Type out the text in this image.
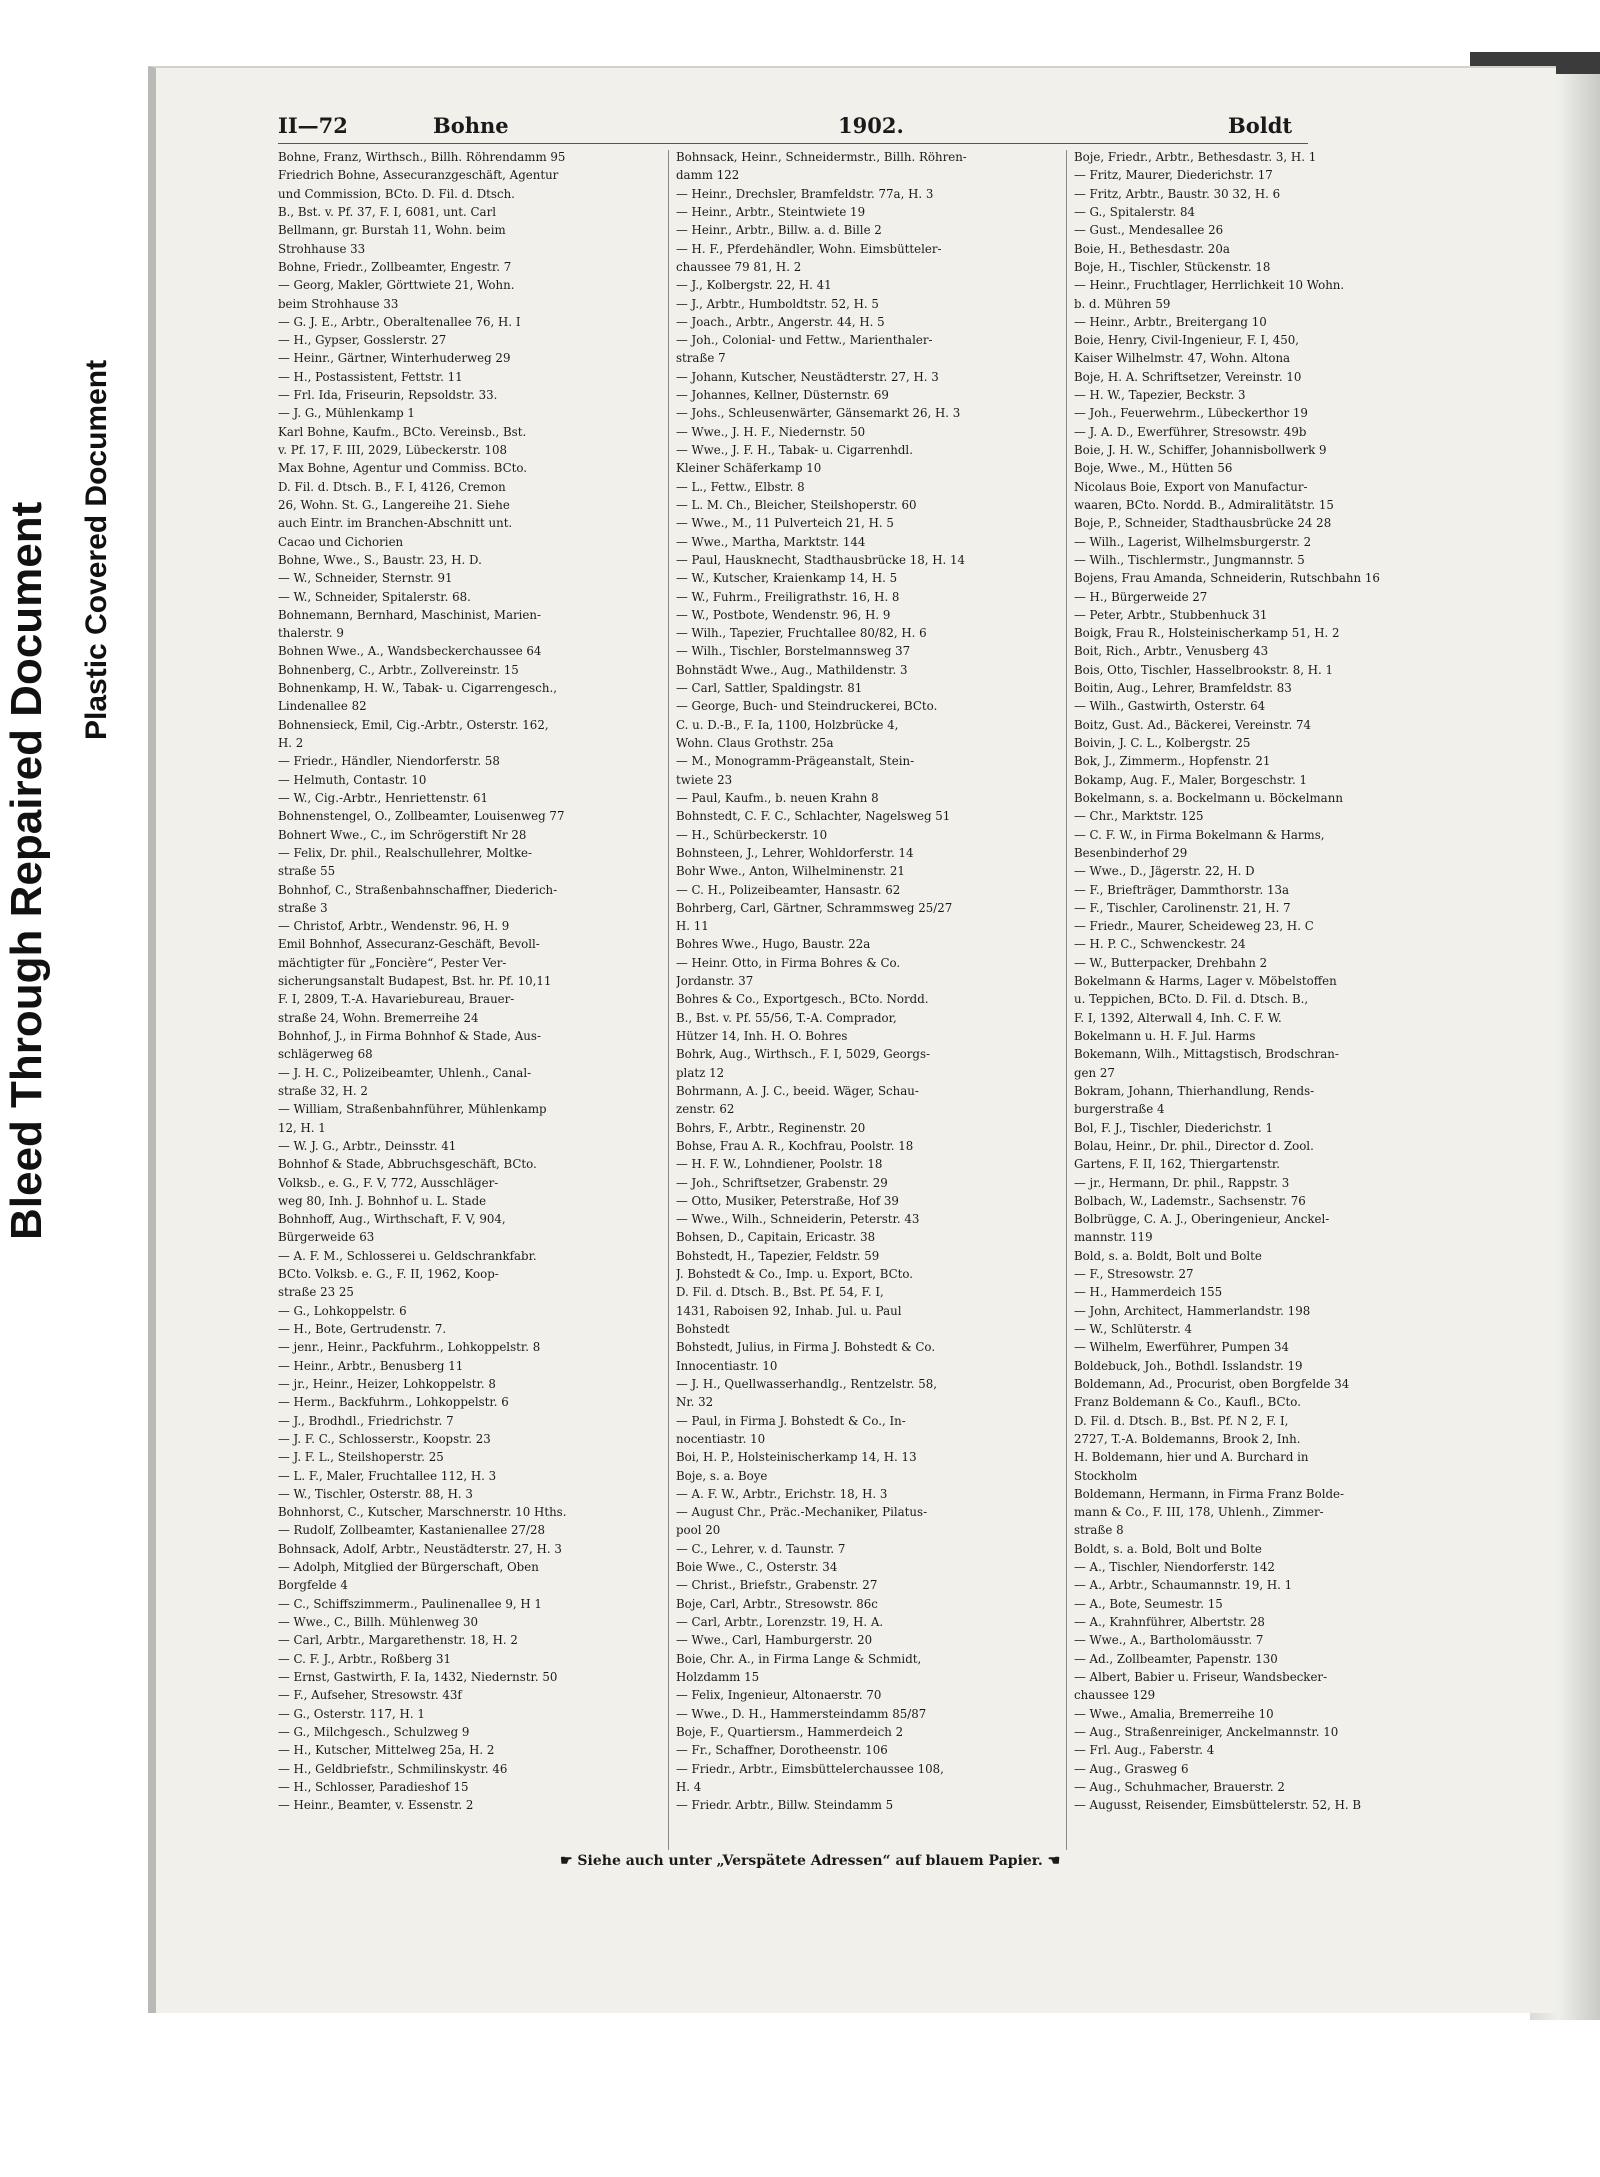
Bleed Through Repaired Document Plastic Covered Document
II—72	Bohne	1902.	Boldt
Bohne, Franz, Wirthsch., Billh. Röhrendamm 95
Friedrich Bohne, Assecuranzgeschäft, Agentur
und Commission, BCto. D. Fil. d. Dtsch.
B., Bst. v. Pf. 37, F. I, 6081, unt. Carl
Bellmann, gr. Burstah 11, Wohn. beim
Strohhause 33
Bohne, Friedr., Zollbeamter, Engestr. 7
— Georg, Makler, Görttwiete 21, Wohn.
beim Strohhause 33
— G. J. E., Arbtr., Oberaltenallee 76, H. I
— H., Gypser, Gosslerstr. 27
— Heinr., Gärtner, Winterhuderweg 29
— H., Postassistent, Fettstr. 11
— Frl. Ida, Friseurin, Repsoldstr. 33.
— J. G., Mühlenkamp 1
Karl Bohne, Kaufm., BCto. Vereinsb., Bst.
v. Pf. 17, F. III, 2029, Lübeckerstr. 108
Max Bohne, Agentur und Commiss. BCto.
D. Fil. d. Dtsch. B., F. I, 4126, Cremon
26, Wohn. St. G., Langereihe 21. Siehe
auch Eintr. im Branchen-Abschnitt unt.
Cacao und Cichorien
Bohne, Wwe., S., Baustr. 23, H. D.
— W., Schneider, Sternstr. 91
— W., Schneider, Spitalerstr. 68.
Bohnemann, Bernhard, Maschinist, Marien-
thalerstr. 9
Bohnen Wwe., A., Wandsbeckerchaussee 64
Bohnenberg, C., Arbtr., Zollvereinstr. 15
Bohnenkamp, H. W., Tabak- u. Cigarrengesch.,
Lindenallee 82
Bohnensieck, Emil, Cig.-Arbtr., Osterstr. 162,
H. 2
— Friedr., Händler, Niendorferstr. 58
— Helmuth, Contastr. 10
— W., Cig.-Arbtr., Henriettenstr. 61
Bohnenstengel, O., Zollbeamter, Louisenweg 77
Bohnert Wwe., C., im Schrögerstift Nr 28
— Felix, Dr. phil., Realschullehrer, Moltke-
straße 55
Bohnhof, C., Straßenbahnschaffner, Diederich-
straße 3
— Christof, Arbtr., Wendenstr. 96, H. 9
Emil Bohnhof, Assecuranz-Geschäft, Bevoll-
mächtigter für „Foncière“, Pester Ver-
sicherungsanstalt Budapest, Bst. hr. Pf. 10,11
F. I, 2809, T.-A. Havariebureau, Brauer-
straße 24, Wohn. Bremerreihe 24
Bohnhof, J., in Firma Bohnhof & Stade, Aus-
schlägerweg 68
— J. H. C., Polizeibeamter, Uhlenh., Canal-
straße 32, H. 2
— William, Straßenbahnführer, Mühlenkamp
12, H. 1
— W. J. G., Arbtr., Deinsstr. 41
Bohnhof & Stade, Abbruchsgeschäft, BCto.
Volksb., e. G., F. V, 772, Ausschläger-
weg 80, Inh. J. Bohnhof u. L. Stade
Bohnhoff, Aug., Wirthschaft, F. V, 904,
Bürgerweide 63
— A. F. M., Schlosserei u. Geldschrankfabr.
BCto. Volksb. e. G., F. II, 1962, Koop-
straße 23 25
— G., Lohkoppelstr. 6
— H., Bote, Gertrudenstr. 7.
— jenr., Heinr., Packfuhrm., Lohkoppelstr. 8
— Heinr., Arbtr., Benusberg 11
— jr., Heinr., Heizer, Lohkoppelstr. 8
— Herm., Backfuhrm., Lohkoppelstr. 6
— J., Brodhdl., Friedrichstr. 7
— J. F. C., Schlosserstr., Koopstr. 23
— J. F. L., Steilshoperstr. 25
— L. F., Maler, Fruchtallee 112, H. 3
— W., Tischler, Osterstr. 88, H. 3
Bohnhorst, C., Kutscher, Marschnerstr. 10 Hths.
— Rudolf, Zollbeamter, Kastanienallee 27/28
Bohnsack, Adolf, Arbtr., Neustädterstr. 27, H. 3
— Adolph, Mitglied der Bürgerschaft, Oben
Borgfelde 4
— C., Schiffszimmerm., Paulinenallee 9, H 1
— Wwe., C., Billh. Mühlenweg 30
— Carl, Arbtr., Margarethenstr. 18, H. 2
— C. F. J., Arbtr., Roßberg 31
— Ernst, Gastwirth, F. Ia, 1432, Niedernstr. 50
— F., Aufseher, Stresowstr. 43f
— G., Osterstr. 117, H. 1
— G., Milchgesch., Schulzweg 9
— H., Kutscher, Mittelweg 25a, H. 2
— H., Geldbriefstr., Schmilinskystr. 46
— H., Schlosser, Paradieshof 15
— Heinr., Beamter, v. Essenstr. 2
Bohnsack, Heinr., Schneidermstr., Billh. Röhren-
damm 122
— Heinr., Drechsler, Bramfeldstr. 77a, H. 3
— Heinr., Arbtr., Steintwiete 19
— Heinr., Arbtr., Billw. a. d. Bille 2
— H. F., Pferdehändler, Wohn. Eimsbütteler-
chaussee 79 81, H. 2
— J., Kolbergstr. 22, H. 41
— J., Arbtr., Humboldtstr. 52, H. 5
— Joach., Arbtr., Angerstr. 44, H. 5
— Joh., Colonial- und Fettw., Marienthaler-
straße 7
— Johann, Kutscher, Neustädterstr. 27, H. 3
— Johannes, Kellner, Düsternstr. 69
— Johs., Schleusenwärter, Gänsemarkt 26, H. 3
— Wwe., J. H. F., Niedernstr. 50
— Wwe., J. F. H., Tabak- u. Cigarrenhdl.
Kleiner Schäferkamp 10
— L., Fettw., Elbstr. 8
— L. M. Ch., Bleicher, Steilshoperstr. 60
— Wwe., M., 11 Pulverteich 21, H. 5
— Wwe., Martha, Marktstr. 144
— Paul, Hausknecht, Stadthausbrücke 18, H. 14
— W., Kutscher, Kraienkamp 14, H. 5
— W., Fuhrm., Freiligrathstr. 16, H. 8
— W., Postbote, Wendenstr. 96, H. 9
— Wilh., Tapezier, Fruchtallee 80/82, H. 6
— Wilh., Tischler, Borstelmannsweg 37
Bohnstädt Wwe., Aug., Mathildenstr. 3
— Carl, Sattler, Spaldingstr. 81
— George, Buch- und Steindruckerei, BCto.
C. u. D.-B., F. Ia, 1100, Holzbrücke 4,
Wohn. Claus Grothstr. 25a
— M., Monogramm-Prägeanstalt, Stein-
twiete 23
— Paul, Kaufm., b. neuen Krahn 8
Bohnstedt, C. F. C., Schlachter, Nagelsweg 51
— H., Schürbeckerstr. 10
Bohnsteen, J., Lehrer, Wohldorferstr. 14
Bohr Wwe., Anton, Wilhelminenstr. 21
— C. H., Polizeibeamter, Hansastr. 62
Bohrberg, Carl, Gärtner, Schrammsweg 25/27
H. 11
Bohres Wwe., Hugo, Baustr. 22a
— Heinr. Otto, in Firma Bohres & Co.
Jordanstr. 37
Bohres & Co., Exportgesch., BCto. Nordd.
B., Bst. v. Pf. 55/56, T.-A. Comprador,
Hützer 14, Inh. H. O. Bohres
Bohrk, Aug., Wirthsch., F. I, 5029, Georgs-
platz 12
Bohrmann, A. J. C., beeid. Wäger, Schau-
zenstr. 62
Bohrs, F., Arbtr., Reginenstr. 20
Bohse, Frau A. R., Kochfrau, Poolstr. 18
— H. F. W., Lohndiener, Poolstr. 18
— Joh., Schriftsetzer, Grabenstr. 29
— Otto, Musiker, Peterstraße, Hof 39
— Wwe., Wilh., Schneiderin, Peterstr. 43
Bohsen, D., Capitain, Ericastr. 38
Bohstedt, H., Tapezier, Feldstr. 59
J. Bohstedt & Co., Imp. u. Export, BCto.
D. Fil. d. Dtsch. B., Bst. Pf. 54, F. I,
1431, Raboisen 92, Inhab. Jul. u. Paul
Bohstedt
Bohstedt, Julius, in Firma J. Bohstedt & Co.
Innocentiastr. 10
— J. H., Quellwasserhandlg., Rentzelstr. 58,
Nr. 32
— Paul, in Firma J. Bohstedt & Co., In-
nocentiastr. 10
Boi, H. P., Holsteinischerkamp 14, H. 13
Boje, s. a. Boye
— A. F. W., Arbtr., Erichstr. 18, H. 3
— August Chr., Präc.-Mechaniker, Pilatus-
pool 20
— C., Lehrer, v. d. Taunstr. 7
Boie Wwe., C., Osterstr. 34
— Christ., Briefstr., Grabenstr. 27
Boje, Carl, Arbtr., Stresowstr. 86c
— Carl, Arbtr., Lorenzstr. 19, H. A.
— Wwe., Carl, Hamburgerstr. 20
Boie, Chr. A., in Firma Lange & Schmidt,
Holzdamm 15
— Felix, Ingenieur, Altonaerstr. 70
— Wwe., D. H., Hammersteindamm 85/87
Boje, F., Quartiersm., Hammerdeich 2
— Fr., Schaffner, Dorotheenstr. 106
— Friedr., Arbtr., Eimsbüttelerchaussee 108,
H. 4
— Friedr. Arbtr., Billw. Steindamm 5
Boje, Friedr., Arbtr., Bethesdastr. 3, H. 1
— Fritz, Maurer, Diederichstr. 17
— Fritz, Arbtr., Baustr. 30 32, H. 6
— G., Spitalerstr. 84
— Gust., Mendesallee 26
Boie, H., Bethesdastr. 20a
Boje, H., Tischler, Stückenstr. 18
— Heinr., Fruchtlager, Herrlichkeit 10 Wohn.
b. d. Mühren 59
— Heinr., Arbtr., Breitergang 10
Boie, Henry, Civil-Ingenieur, F. I, 450,
Kaiser Wilhelmstr. 47, Wohn. Altona
Boje, H. A. Schriftsetzer, Vereinstr. 10
— H. W., Tapezier, Beckstr. 3
— Joh., Feuerwehrm., Lübeckerthor 19
— J. A. D., Ewerführer, Stresowstr. 49b
Boie, J. H. W., Schiffer, Johannisbollwerk 9
Boje, Wwe., M., Hütten 56
Nicolaus Boie, Export von Manufactur-
waaren, BCto. Nordd. B., Admiralitätstr. 15
Boje, P., Schneider, Stadthausbrücke 24 28
— Wilh., Lagerist, Wilhelmsburgerstr. 2
— Wilh., Tischlermstr., Jungmannstr. 5
Bojens, Frau Amanda, Schneiderin, Rutschbahn 16
— H., Bürgerweide 27
— Peter, Arbtr., Stubbenhuck 31
Boigk, Frau R., Holsteinischerkamp 51, H. 2
Boit, Rich., Arbtr., Venusberg 43
Bois, Otto, Tischler, Hasselbrookstr. 8, H. 1
Boitin, Aug., Lehrer, Bramfeldstr. 83
— Wilh., Gastwirth, Osterstr. 64
Boitz, Gust. Ad., Bäckerei, Vereinstr. 74
Boivin, J. C. L., Kolbergstr. 25
Bok, J., Zimmerm., Hopfenstr. 21
Bokamp, Aug. F., Maler, Borgeschstr. 1
Bokelmann, s. a. Bockelmann u. Böckelmann
— Chr., Marktstr. 125
— C. F. W., in Firma Bokelmann & Harms,
Besenbinderhof 29
— Wwe., D., Jägerstr. 22, H. D
— F., Briefträger, Dammthorstr. 13a
— F., Tischler, Carolinenstr. 21, H. 7
— Friedr., Maurer, Scheideweg 23, H. C
— H. P. C., Schwenckestr. 24
— W., Butterpacker, Drehbahn 2
Bokelmann & Harms, Lager v. Möbelstoffen
u. Teppichen, BCto. D. Fil. d. Dtsch. B.,
F. I, 1392, Alterwall 4, Inh. C. F. W.
Bokelmann u. H. F. Jul. Harms
Bokemann, Wilh., Mittagstisch, Brodschran-
gen 27
Bokram, Johann, Thierhandlung, Rends-
burgerstraße 4
Bol, F. J., Tischler, Diederichstr. 1
Bolau, Heinr., Dr. phil., Director d. Zool.
Gartens, F. II, 162, Thiergartenstr.
— jr., Hermann, Dr. phil., Rappstr. 3
Bolbach, W., Lademstr., Sachsenstr. 76
Bolbrügge, C. A. J., Oberingenieur, Anckel-
mannstr. 119
Bold, s. a. Boldt, Bolt und Bolte
— F., Stresowstr. 27
— H., Hammerdeich 155
— John, Architect, Hammerlandstr. 198
— W., Schlüterstr. 4
— Wilhelm, Ewerführer, Pumpen 34
Boldebuck, Joh., Bothdl. Isslandstr. 19
Boldemann, Ad., Procurist, oben Borgfelde 34
Franz Boldemann & Co., Kaufl., BCto.
D. Fil. d. Dtsch. B., Bst. Pf. N 2, F. I,
2727, T.-A. Boldemanns, Brook 2, Inh.
H. Boldemann, hier und A. Burchard in
Stockholm
Boldemann, Hermann, in Firma Franz Bolde-
mann & Co., F. III, 178, Uhlenh., Zimmer-
straße 8
Boldt, s. a. Bold, Bolt und Bolte
— A., Tischler, Niendorferstr. 142
— A., Arbtr., Schaumannstr. 19, H. 1
— A., Bote, Seumestr. 15
— A., Krahnführer, Albertstr. 28
— Wwe., A., Bartholomäusstr. 7
— Ad., Zollbeamter, Papenstr. 130
— Albert, Babier u. Friseur, Wandsbecker-
chaussee 129
— Wwe., Amalia, Bremerreihe 10
— Aug., Straßenreiniger, Anckelmannstr. 10
— Frl. Aug., Faberstr. 4
— Aug., Grasweg 6
— Aug., Schuhmacher, Brauerstr. 2
— Augusst, Reisender, Eimsbüttelerstr. 52, H. B
☛ Siehe auch unter „Verspätete Adressen“ auf blauem Papier. ☚
